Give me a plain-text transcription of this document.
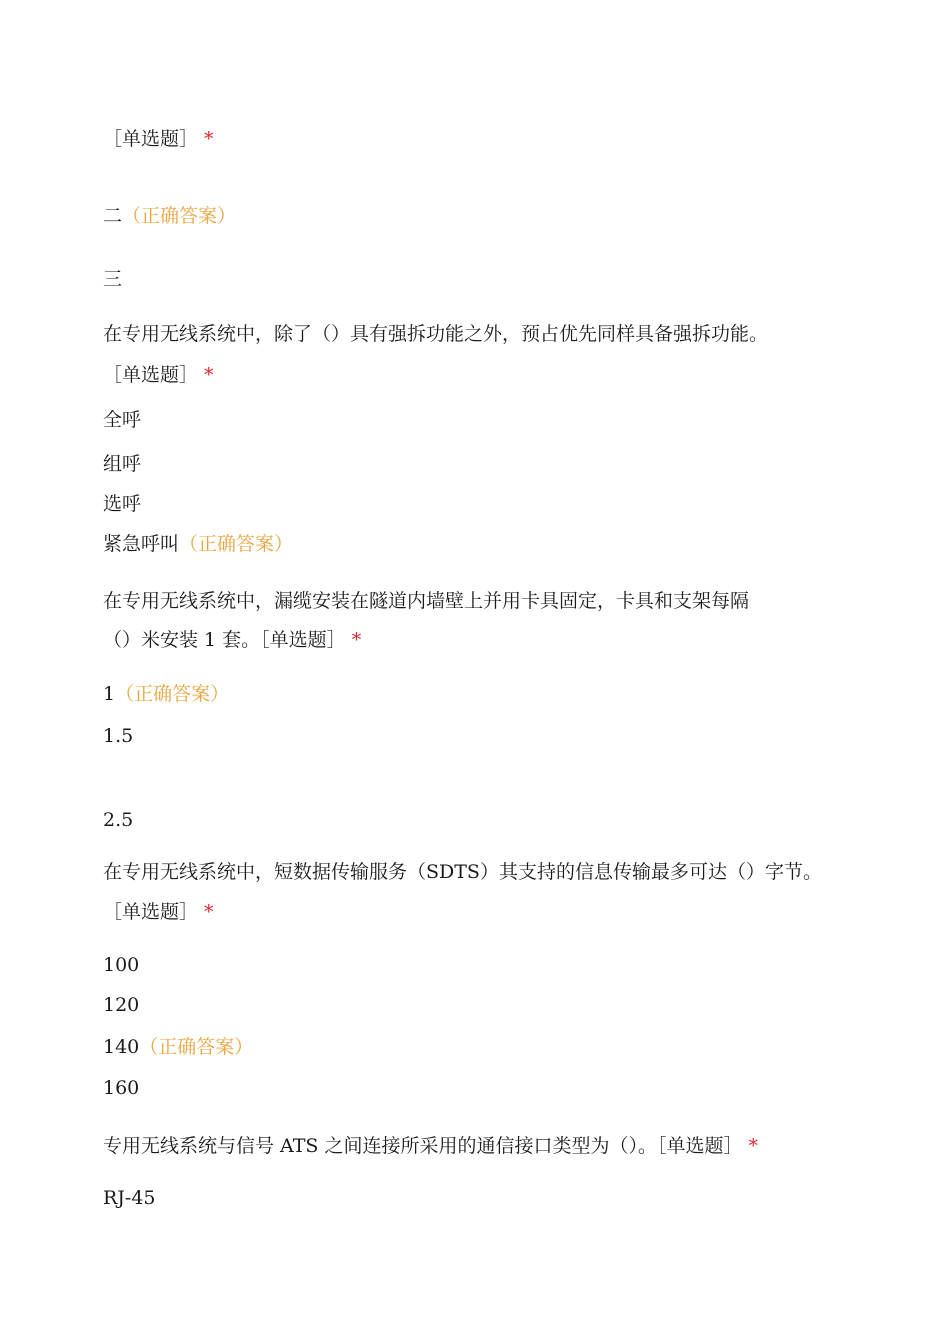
［单选题］ *
二（正确答案）
三
在专用无线系统中，除了（）具有强拆功能之外，预占优先同样具备强拆功能。
［单选题］ *
全呼
组呼
选呼
紧急呼叫（正确答案）
在专用无线系统中，漏缆安装在隧道内墙壁上并用卡具固定，卡具和支架每隔
（）米安装 1 套。［单选题］ *
1（正确答案）
1.5
2.5
在专用无线系统中，短数据传输服务（SDTS）其支持的信息传输最多可达（）字节。
［单选题］ *
100
120
140（正确答案）
160
专用无线系统与信号 ATS 之间连接所采用的通信接口类型为（）。［单选题］ *
RJ-45
